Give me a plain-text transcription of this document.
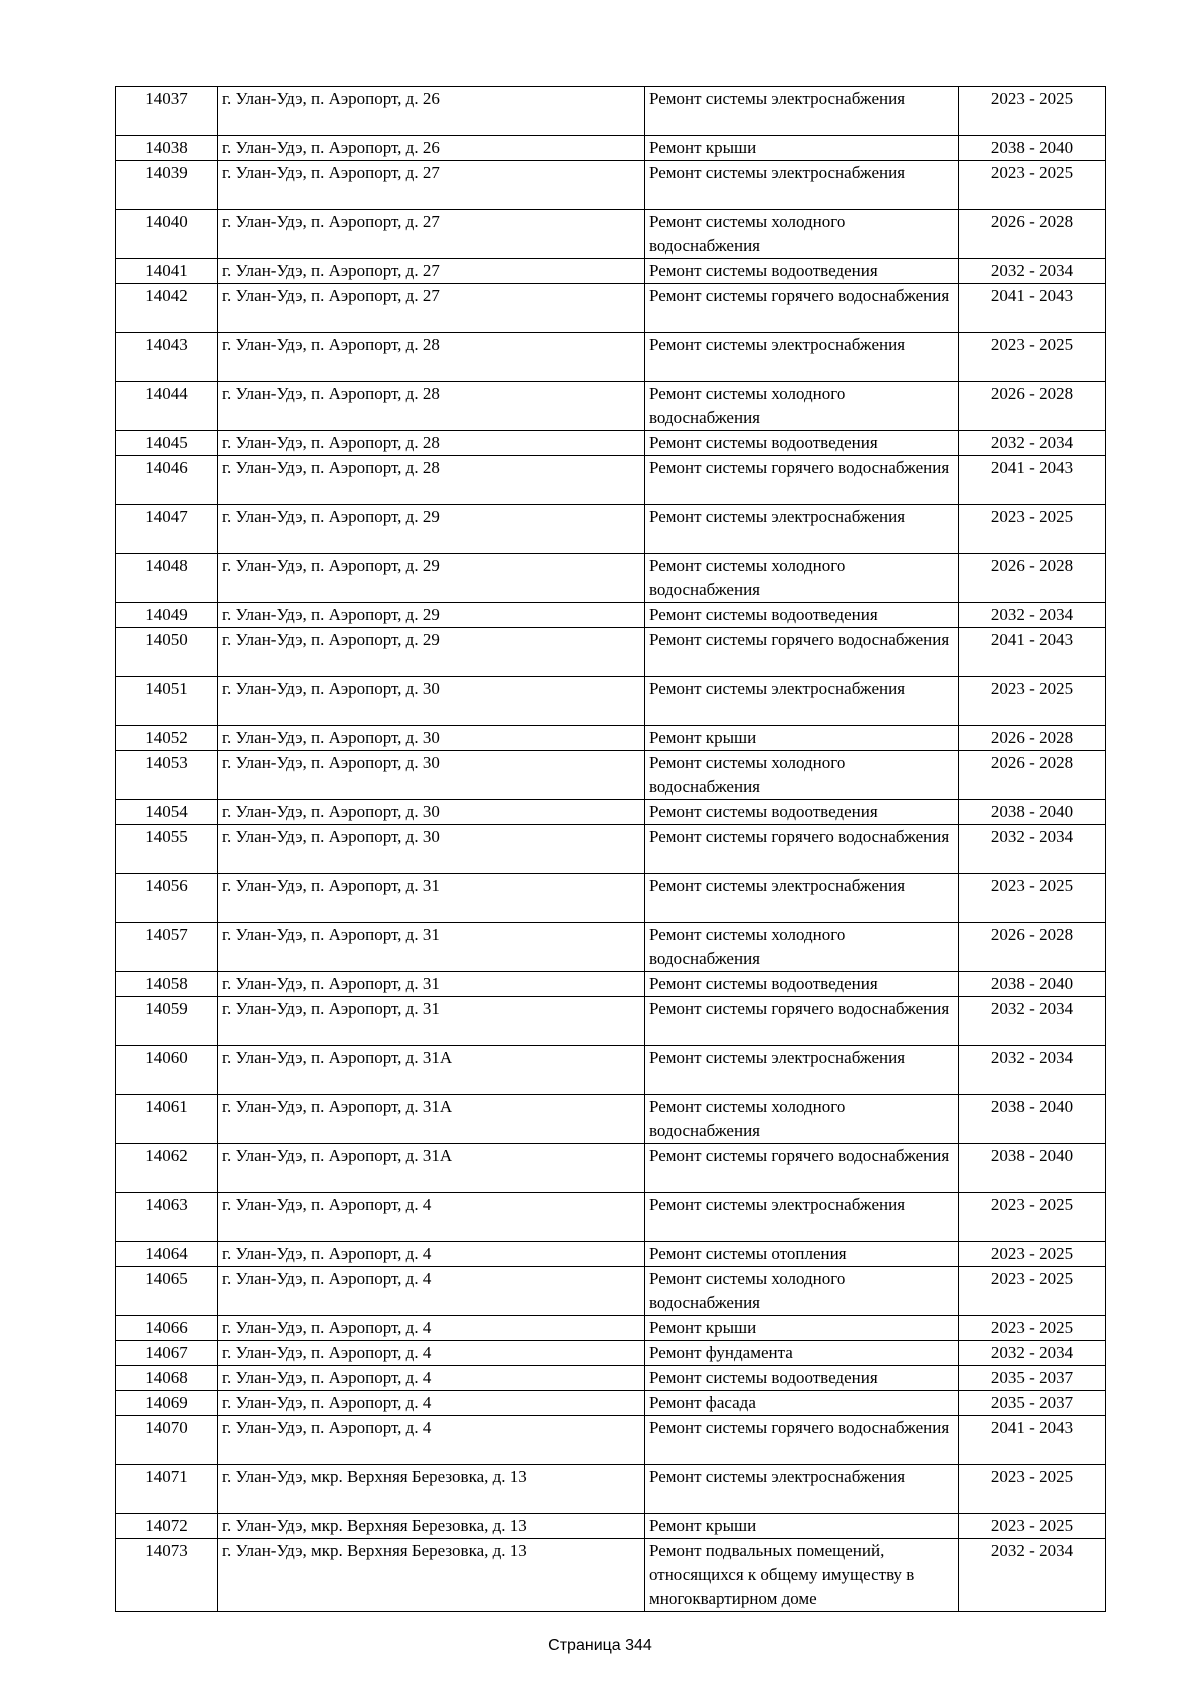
14037	г. Улан-Удэ, п. Аэропорт, д. 26	Ремонт системы электроснабжения	2023 - 2025
14038	г. Улан-Удэ, п. Аэропорт, д. 26	Ремонт крыши	2038 - 2040
14039	г. Улан-Удэ, п. Аэропорт, д. 27	Ремонт системы электроснабжения	2023 - 2025
14040	г. Улан-Удэ, п. Аэропорт, д. 27	Ремонт системы холодного водоснабжения	2026 - 2028
14041	г. Улан-Удэ, п. Аэропорт, д. 27	Ремонт системы водоотведения	2032 - 2034
14042	г. Улан-Удэ, п. Аэропорт, д. 27	Ремонт системы горячего водоснабжения	2041 - 2043
14043	г. Улан-Удэ, п. Аэропорт, д. 28	Ремонт системы электроснабжения	2023 - 2025
14044	г. Улан-Удэ, п. Аэропорт, д. 28	Ремонт системы холодного водоснабжения	2026 - 2028
14045	г. Улан-Удэ, п. Аэропорт, д. 28	Ремонт системы водоотведения	2032 - 2034
14046	г. Улан-Удэ, п. Аэропорт, д. 28	Ремонт системы горячего водоснабжения	2041 - 2043
14047	г. Улан-Удэ, п. Аэропорт, д. 29	Ремонт системы электроснабжения	2023 - 2025
14048	г. Улан-Удэ, п. Аэропорт, д. 29	Ремонт системы холодного водоснабжения	2026 - 2028
14049	г. Улан-Удэ, п. Аэропорт, д. 29	Ремонт системы водоотведения	2032 - 2034
14050	г. Улан-Удэ, п. Аэропорт, д. 29	Ремонт системы горячего водоснабжения	2041 - 2043
14051	г. Улан-Удэ, п. Аэропорт, д. 30	Ремонт системы электроснабжения	2023 - 2025
14052	г. Улан-Удэ, п. Аэропорт, д. 30	Ремонт крыши	2026 - 2028
14053	г. Улан-Удэ, п. Аэропорт, д. 30	Ремонт системы холодного водоснабжения	2026 - 2028
14054	г. Улан-Удэ, п. Аэропорт, д. 30	Ремонт системы водоотведения	2038 - 2040
14055	г. Улан-Удэ, п. Аэропорт, д. 30	Ремонт системы горячего водоснабжения	2032 - 2034
14056	г. Улан-Удэ, п. Аэропорт, д. 31	Ремонт системы электроснабжения	2023 - 2025
14057	г. Улан-Удэ, п. Аэропорт, д. 31	Ремонт системы холодного водоснабжения	2026 - 2028
14058	г. Улан-Удэ, п. Аэропорт, д. 31	Ремонт системы водоотведения	2038 - 2040
14059	г. Улан-Удэ, п. Аэропорт, д. 31	Ремонт системы горячего водоснабжения	2032 - 2034
14060	г. Улан-Удэ, п. Аэропорт, д. 31А	Ремонт системы электроснабжения	2032 - 2034
14061	г. Улан-Удэ, п. Аэропорт, д. 31А	Ремонт системы холодного водоснабжения	2038 - 2040
14062	г. Улан-Удэ, п. Аэропорт, д. 31А	Ремонт системы горячего водоснабжения	2038 - 2040
14063	г. Улан-Удэ, п. Аэропорт, д. 4	Ремонт системы электроснабжения	2023 - 2025
14064	г. Улан-Удэ, п. Аэропорт, д. 4	Ремонт системы отопления	2023 - 2025
14065	г. Улан-Удэ, п. Аэропорт, д. 4	Ремонт системы холодного водоснабжения	2023 - 2025
14066	г. Улан-Удэ, п. Аэропорт, д. 4	Ремонт крыши	2023 - 2025
14067	г. Улан-Удэ, п. Аэропорт, д. 4	Ремонт фундамента	2032 - 2034
14068	г. Улан-Удэ, п. Аэропорт, д. 4	Ремонт системы водоотведения	2035 - 2037
14069	г. Улан-Удэ, п. Аэропорт, д. 4	Ремонт фасада	2035 - 2037
14070	г. Улан-Удэ, п. Аэропорт, д. 4	Ремонт системы горячего водоснабжения	2041 - 2043
14071	г. Улан-Удэ, мкр. Верхняя Березовка, д. 13	Ремонт системы электроснабжения	2023 - 2025
14072	г. Улан-Удэ, мкр. Верхняя Березовка, д. 13	Ремонт крыши	2023 - 2025
14073	г. Улан-Удэ, мкр. Верхняя Березовка, д. 13	Ремонт подвальных помещений, относящихся к общему имуществу в многоквартирном доме	2032 - 2034
Страница 344
